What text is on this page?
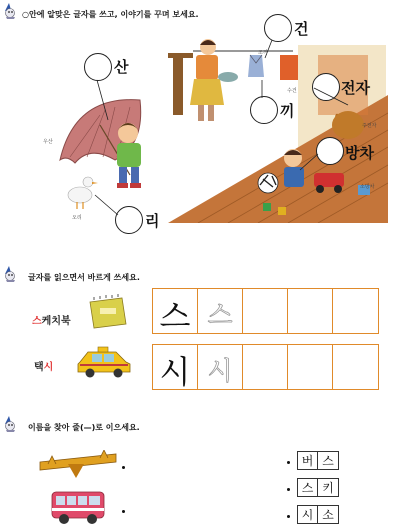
○안에 알맞은 글자를 쓰고, 이야기를 꾸며 보세요.
산
리
건
끼
전자
방차
우산
오리
조끼
수건
주전자
소방차
글자를 읽으면서 바르게 쓰세요.
스케치북	스 스
택시	시 시
이름을 찾아 줄(—)로 이으세요.
버 스
스 키
시 소
